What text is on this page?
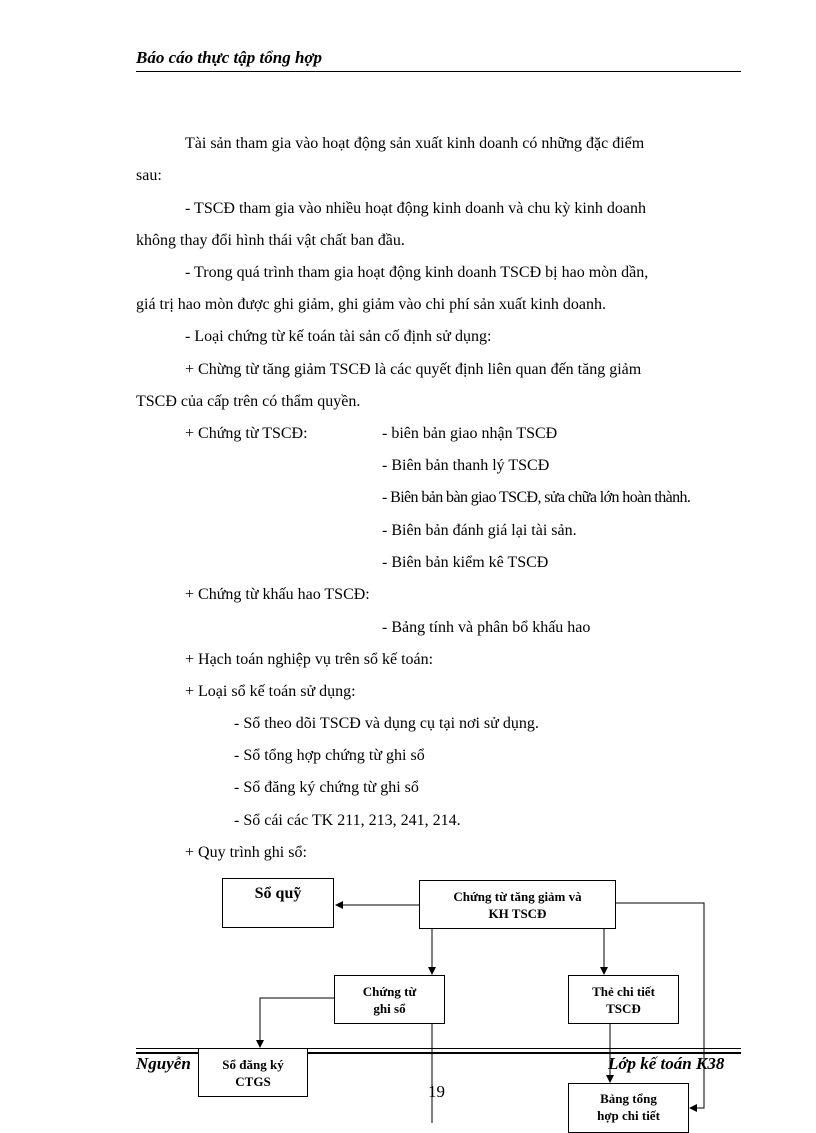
Báo cáo thực tập tổng hợp
Tài sản tham gia vào hoạt động sản xuất kinh doanh có những đặc điểm
sau:
- TSCĐ tham gia vào nhiều hoạt động kinh doanh và chu kỳ kinh doanh
không thay đổi hình thái vật chất ban đầu.
- Trong quá trình tham gia hoạt động kinh doanh TSCĐ bị hao mòn dần,
giá trị hao mòn được ghi giảm, ghi giảm vào chi phí sản xuất kinh doanh.
- Loại chứng từ kế toán tài sản cố định sử dụng:
+ Chừng từ tăng giảm TSCĐ là các quyết định liên quan đến tăng giảm
TSCĐ của cấp trên có thẩm quyền.
+ Chứng từ TSCĐ:	- biên bản giao nhận TSCĐ
- Biên bản thanh lý TSCĐ
- Biên bản bàn giao TSCĐ, sửa chữa lớn hoàn thành.
- Biên bản đánh giá lại tài sản.
- Biên bản kiểm kê TSCĐ
+ Chứng từ khấu hao TSCĐ:
- Bảng tính và phân bổ khấu hao
+ Hạch toán nghiệp vụ trên sổ kế toán:
+ Loại sổ kế toán sử dụng:
- Sổ theo dõi TSCĐ và dụng cụ tại nơi sử dụng.
- Sổ tổng hợp chứng từ ghi sổ
- Sổ đăng ký chứng từ ghi sổ
- Sổ cái các TK 211, 213, 241, 214.
+ Quy trình ghi sổ:
Sổ quỹ	Chứng từ tăng giảm và
KH TSCĐ
Chứng từ
ghi sổ
Thẻ chi tiết
TSCĐ
Sổ đăng ký
CTGS
Bảng tổng
hợp chi tiết
Nguyễn	Lớp kế toán K38
19
